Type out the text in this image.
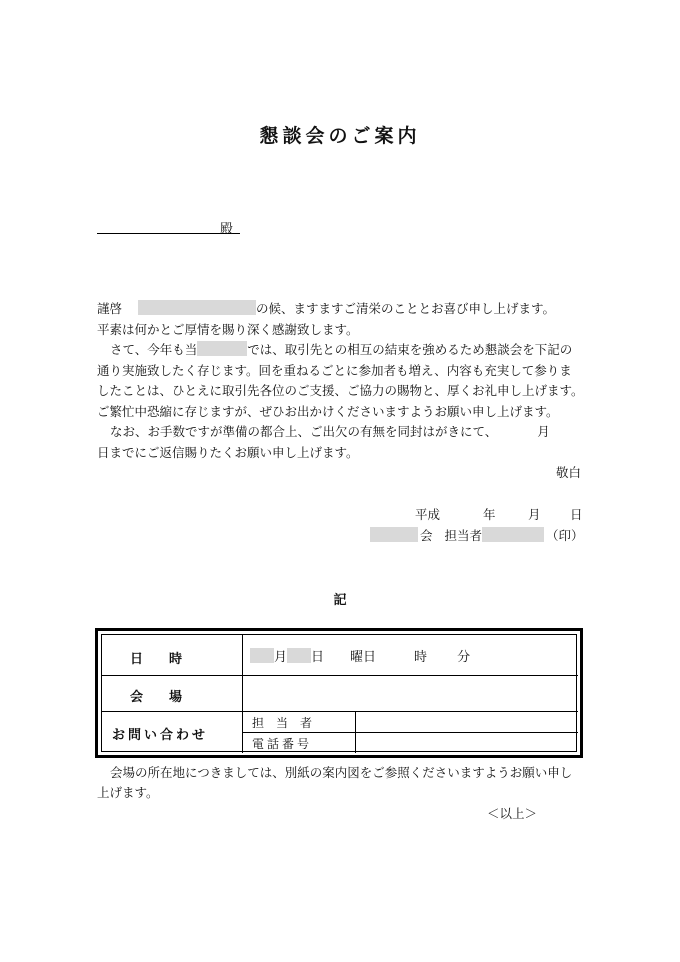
懇談会のご案内
殿
謹啓	の候、ますますご清栄のこととお喜び申し上げます。
平素は何かとご厚情を賜り深く感謝致します。
さて、今年も当	では、取引先との相互の結束を強めるため懇談会を下記の
通り実施致したく存じます。回を重ねるごとに参加者も増え、内容も充実して参りま
したことは、ひとえに取引先各位のご支援、ご協力の賜物と、厚くお礼申し上げます。
ご繁忙中恐縮に存じますが、ぜひお出かけくださいますようお願い申し上げます。
なお、お手数ですが準備の都合上、ご出欠の有無を同封はがきにて、	月
日までにご返信賜りたくお願い申し上げます。
敬白
平成	年	月 日
会 担当者	（印）
記
日　　時	月 日 曜日	時 分
会　　場
お問い合わせ
担　当　者
電話番号
会場の所在地につきましては、別紙の案内図をご参照くださいますようお願い申し
上げます。
＜以上＞
